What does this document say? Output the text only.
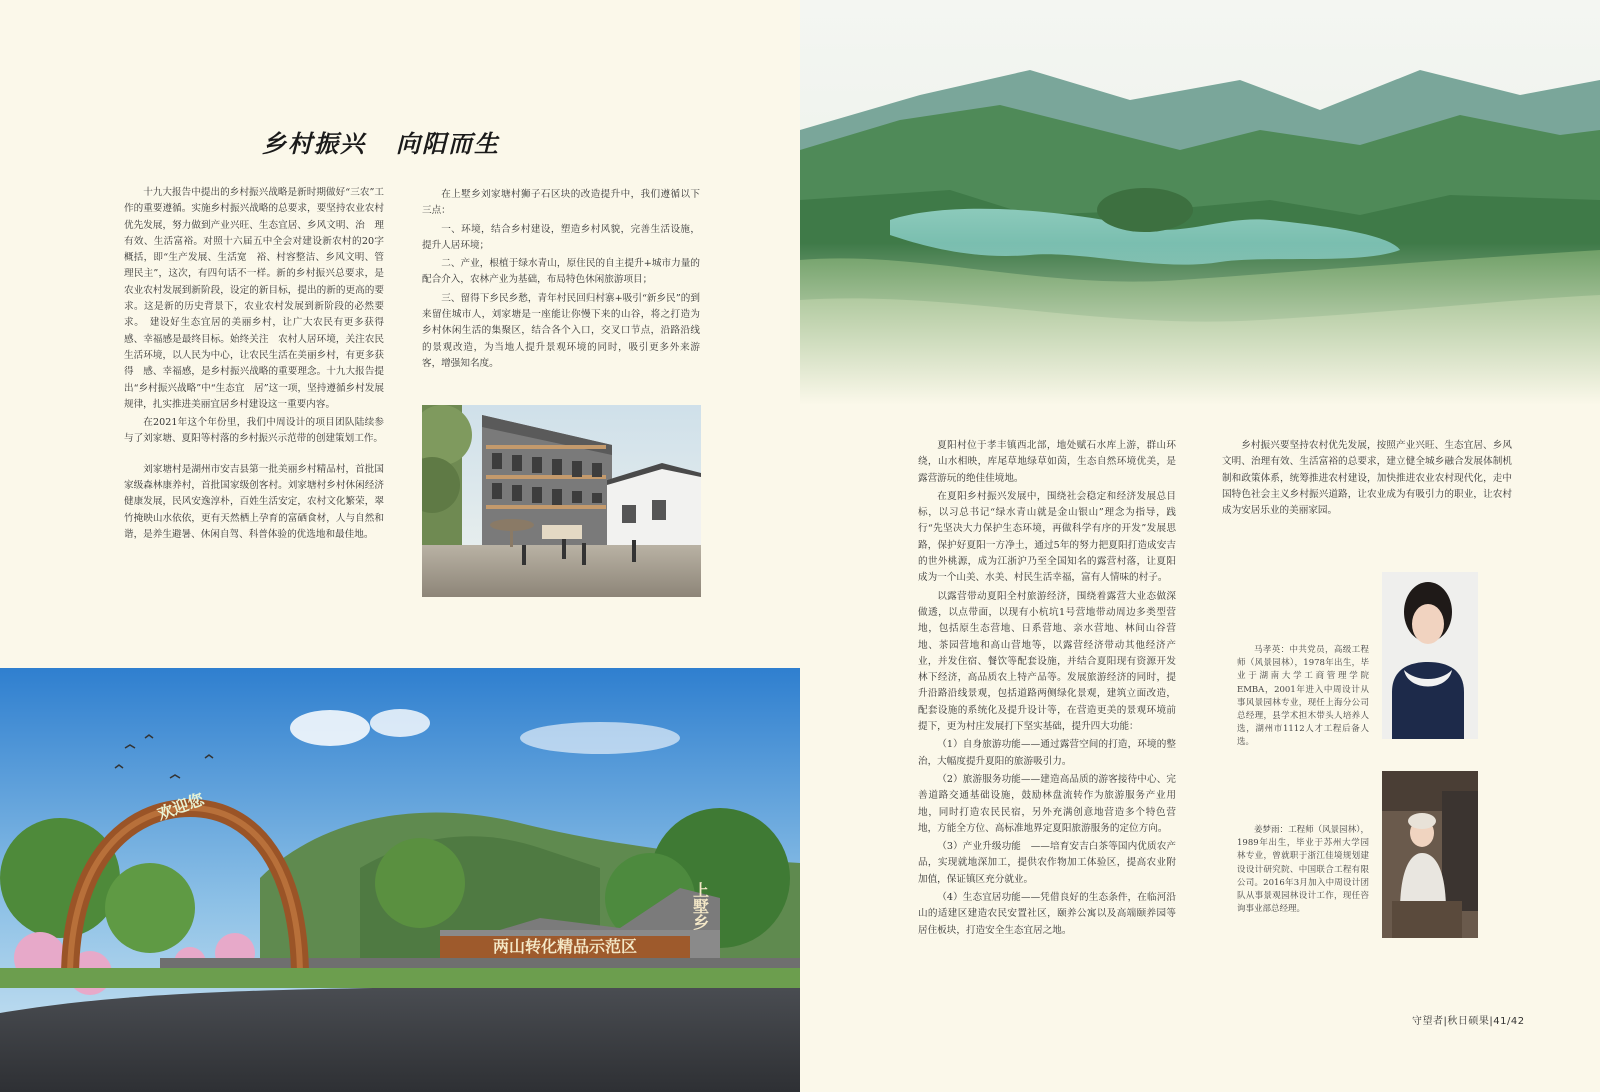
乡村振兴 向阳而生

十九大报告中提出的乡村振兴战略是新时期做好“三农”工作的重要遵循。实施乡村振兴战略的总要求，要坚持农业农村优先发展，努力做到产业兴旺、生态宜居、乡风文明、治　理有效、生活富裕。对照十六届五中全会对建设新农村的20字概括，即“生产发展、生活宽　裕、村容整洁、乡风文明、管理民主”，这次，有四句话不一样。新的乡村振兴总要求，是农业农村发展到新阶段，设定的新目标，提出的新的更高的要求。这是新的历史背景下，农业农村发展到新阶段的必然要求。　建设好生态宜居的美丽乡村，让广大农民有更多获得感、幸福感是最终目标。始终关注　农村人居环境，关注农民生活环境，以人民为中心，让农民生活在美丽乡村，有更多获得　感、幸福感，是乡村振兴战略的重要理念。十九大报告提出“乡村振兴战略”中“生态宜　居”这一项，坚持遵循乡村发展规律，扎实推进美丽宜居乡村建设这一重要内容。

在2021年这个年份里，我们中周设计的项目团队陆续参与了刘家塘、夏阳等村落的乡村振兴示范带的创建策划工作。

刘家塘村是湖州市安吉县第一批美丽乡村精品村，首批国家级森林康养村，首批国家级创客村。刘家塘村乡村休闲经济健康发展，民风安逸淳朴，百姓生活安定，农村文化繁荣，翠竹掩映山水依依，更有天然栖上孕育的富硒食材，人与自然和谐，是养生避暑、休闲自驾、科普体验的优选地和最佳地。

在上墅乡刘家塘村狮子石区块的改造提升中，我们遵循以下三点：

一、环境，结合乡村建设，塑造乡村风貌，完善生活设施，提升人居环境；

二、产业，根植于绿水青山，原住民的自主提升+城市力量的配合介入，农林产业为基础，布局特色休闲旅游项目；

三、留得下乡民乡愁，青年村民回归村寨+吸引“新乡民”的到来留住城市人，刘家塘是一座能让你慢下来的山谷，将之打造为乡村休闲生活的集聚区，结合各个入口，交叉口节点，沿路沿线的景观改造，为当地人提升景观环境的同时，吸引更多外来游客，增强知名度。

两山转化精品示范区
上墅乡
欢迎您

夏阳村位于孝丰镇西北部，地处赋石水库上游，群山环绕，山水相映，库尾草地绿草如茵，生态自然环境优美，是露营游玩的绝佳佳境地。

在夏阳乡村振兴发展中，围绕社会稳定和经济发展总目标，以习总书记“绿水青山就是金山银山”理念为指导，践行“先坚决大力保护生态环境，再做科学有序的开发”发展思路，保护好夏阳一方净土，通过5年的努力把夏阳打造成安吉的世外桃源，成为江浙沪乃至全国知名的露营村落，让夏阳成为一个山美、水美、村民生活幸福，富有人情味的村子。

以露营带动夏阳全村旅游经济，围绕着露营大业态做深做透，以点带面，以现有小杭坑1号营地带动周边多类型营地，包括原生态营地、日系营地、亲水营地、林间山谷营地、茶园营地和高山营地等，以露营经济带动其他经济产业，并发住宿、餐饮等配套设施，并结合夏阳现有资源开发林下经济，高品质农上特产品等。发展旅游经济的同时，提升沿路沿线景观，包括道路两侧绿化景观，建筑立面改造，配套设施的系统化及提升设计等，在营造更美的景观环境前提下，更为村庄发展打下坚实基础，提升四大功能：

（1）自身旅游功能——通过露营空间的打造，环境的整治，大幅度提升夏阳的旅游吸引力。

（2）旅游服务功能——建造高品质的游客接待中心、完善道路交通基础设施，鼓励林盘流转作为旅游服务产业用地，同时打造农民民宿，另外充满创意地营造多个特色营地，方能全方位、高标准地界定夏阳旅游服务的定位方向。

（3）产业升级功能　——培育安吉白茶等国内优质农产品，实现就地深加工，提供农作物加工体验区，提高农业附加值，保证镇区充分就业。

（4）生态宜居功能——凭借良好的生态条件，在临河沿山的适建区建造农民安置社区，颐养公寓以及高端颐养园等居住板块，打造安全生态宜居之地。

乡村振兴要坚持农村优先发展，按照产业兴旺、生态宜居、乡风文明、治理有效、生活富裕的总要求，建立健全城乡融合发展体制机制和政策体系，统筹推进农村建设，加快推进农业农村现代化，走中国特色社会主义乡村振兴道路，让农业成为有吸引力的职业，让农村成为安居乐业的美丽家园。

马孝英：中共党员，高级工程师（风景园林），1978年出生，毕业于湖南大学工商管理学院EMBA，2001年进入中周设计从事风景园林专业，现任上海分公司总经理，县学术担木带头人培养人选，湖州市1112人才工程后备人选。

姜梦雨：工程师（风景园林），1989年出生，毕业于苏州大学园林专业，曾就职于浙江佳境规划建设设计研究院、中国联合工程有限公司。2016年3月加入中周设计团队从事景观园林设计工作，现任咨询事业部总经理。

守望者|秋日硕果|41/42
